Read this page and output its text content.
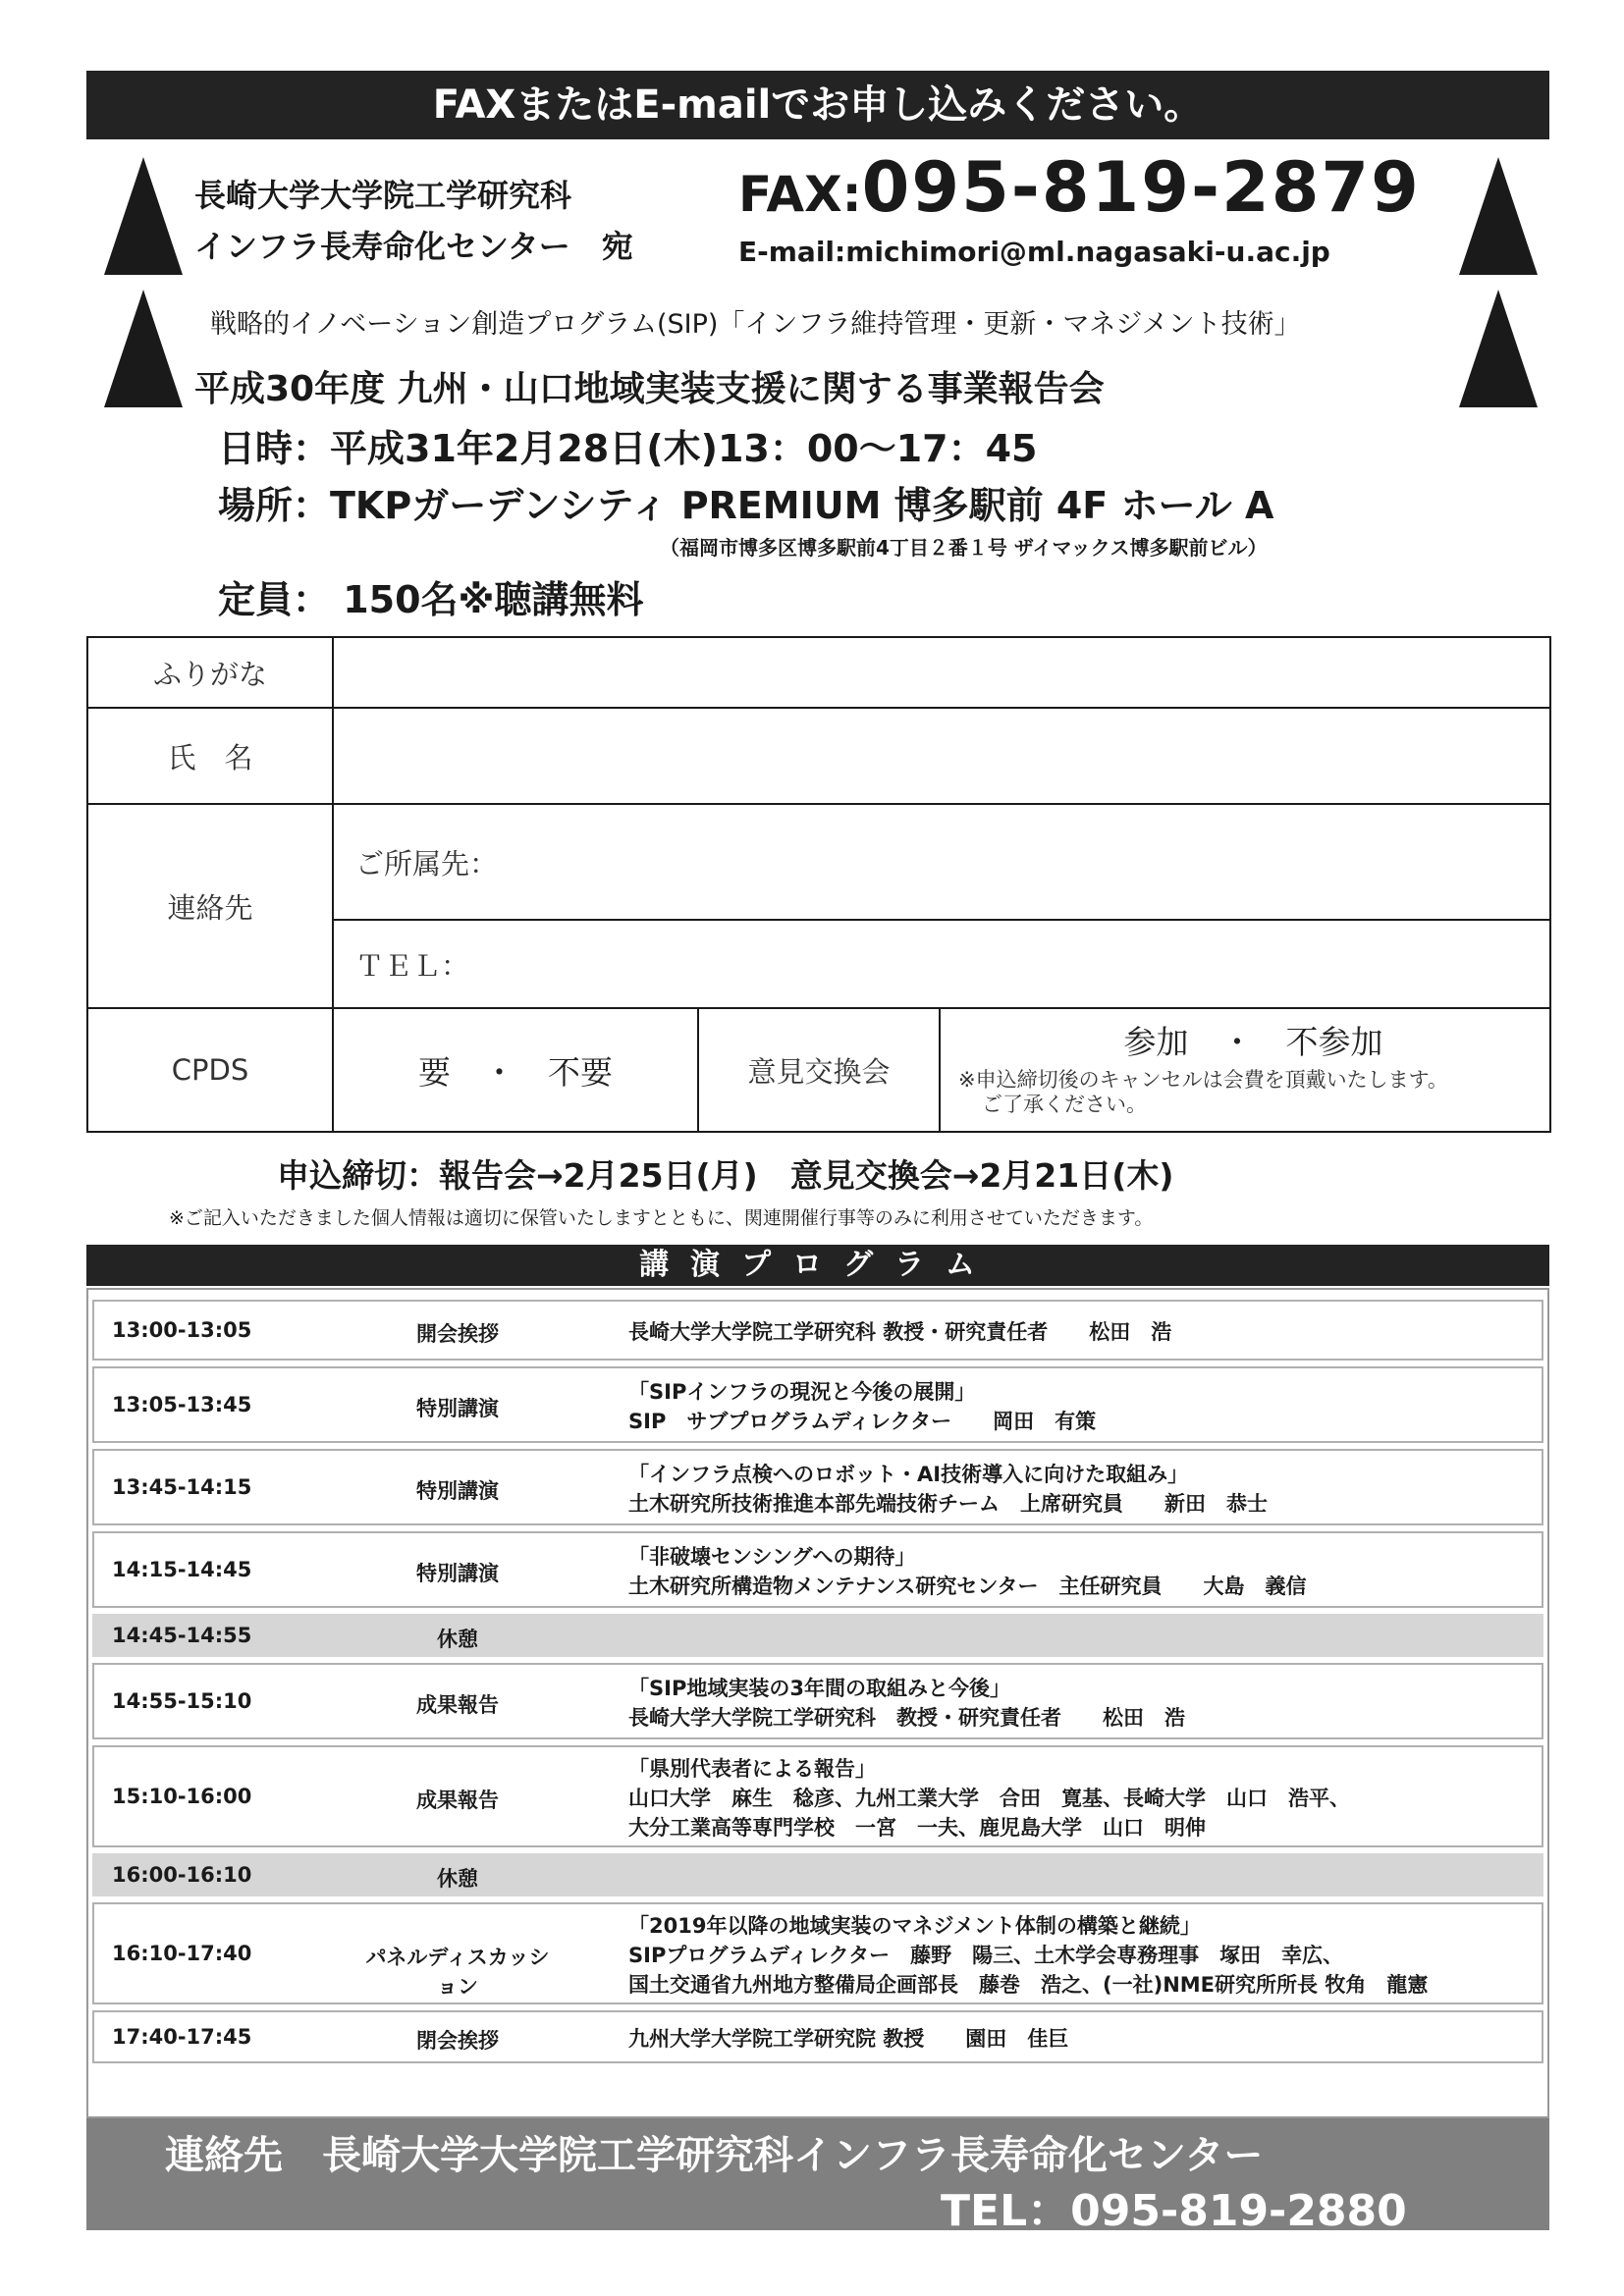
FAXまたはE-mailでお申し込みください。
長崎大学大学院工学研究科
インフラ長寿命化センター　宛
FAX:095-819-2879
E-mail:michimori@ml.nagasaki-u.ac.jp
戦略的イノベーション創造プログラム(SIP)「インフラ維持管理・更新・マネジメント技術」
平成30年度 九州・山口地域実装支援に関する事業報告会
日時：平成31年2月28日(木)13：00～17：45
場所：TKPガーデンシティ PREMIUM 博多駅前 4F ホール A
（福岡市博多区博多駅前4丁目２番１号 ザイマックス博多駅前ビル）
定員： 150名※聴講無料
ふりがな			
氏　名			
連絡先	ご所属先：		
	ＴＥＬ：		
CPDS	要　・　不要	意見交換会	参加　・　不参加
※申込締切後のキャンセルは会費を頂戴いたします。
ご了承ください。
申込締切：報告会→2月25日(月)　意見交換会→2月21日(木)
※ご記入いただきました個人情報は適切に保管いたしますとともに、関連開催行事等のみに利用させていただきます。
講演プログラム
13:00-13:05	開会挨拶	長崎大学大学院工学研究科 教授・研究責任者　　松田　浩
13:05-13:45	特別講演
「SIPインフラの現況と今後の展開」
SIP　サブプログラムディレクター　　岡田　有策
13:45-14:15	特別講演
「インフラ点検へのロボット・AI技術導入に向けた取組み」
土木研究所技術推進本部先端技術チーム　上席研究員　　新田　恭士
14:15-14:45	特別講演
「非破壊センシングへの期待」
土木研究所構造物メンテナンス研究センター　主任研究員　　大島　義信
14:45-14:55	休憩
14:55-15:10	成果報告
「SIP地域実装の3年間の取組みと今後」
長崎大学大学院工学研究科　教授・研究責任者　　松田　浩
15:10-16:00	成果報告
「県別代表者による報告」
山口大学　麻生　稔彦、九州工業大学　合田　寛基、長崎大学　山口　浩平、
大分工業高等専門学校　一宮　一夫、鹿児島大学　山口　明伸
16:00-16:10	休憩
16:10-17:40	パネルディスカッション
「2019年以降の地域実装のマネジメント体制の構築と継続」
SIPプログラムディレクター　藤野　陽三、土木学会専務理事　塚田　幸広、
国土交通省九州地方整備局企画部長　藤巻　浩之、(一社)NME研究所所長 牧角　龍憲
17:40-17:45	閉会挨拶	九州大学大学院工学研究院 教授　　園田　佳巨
連絡先　長崎大学大学院工学研究科インフラ長寿命化センター
TEL：095-819-2880
